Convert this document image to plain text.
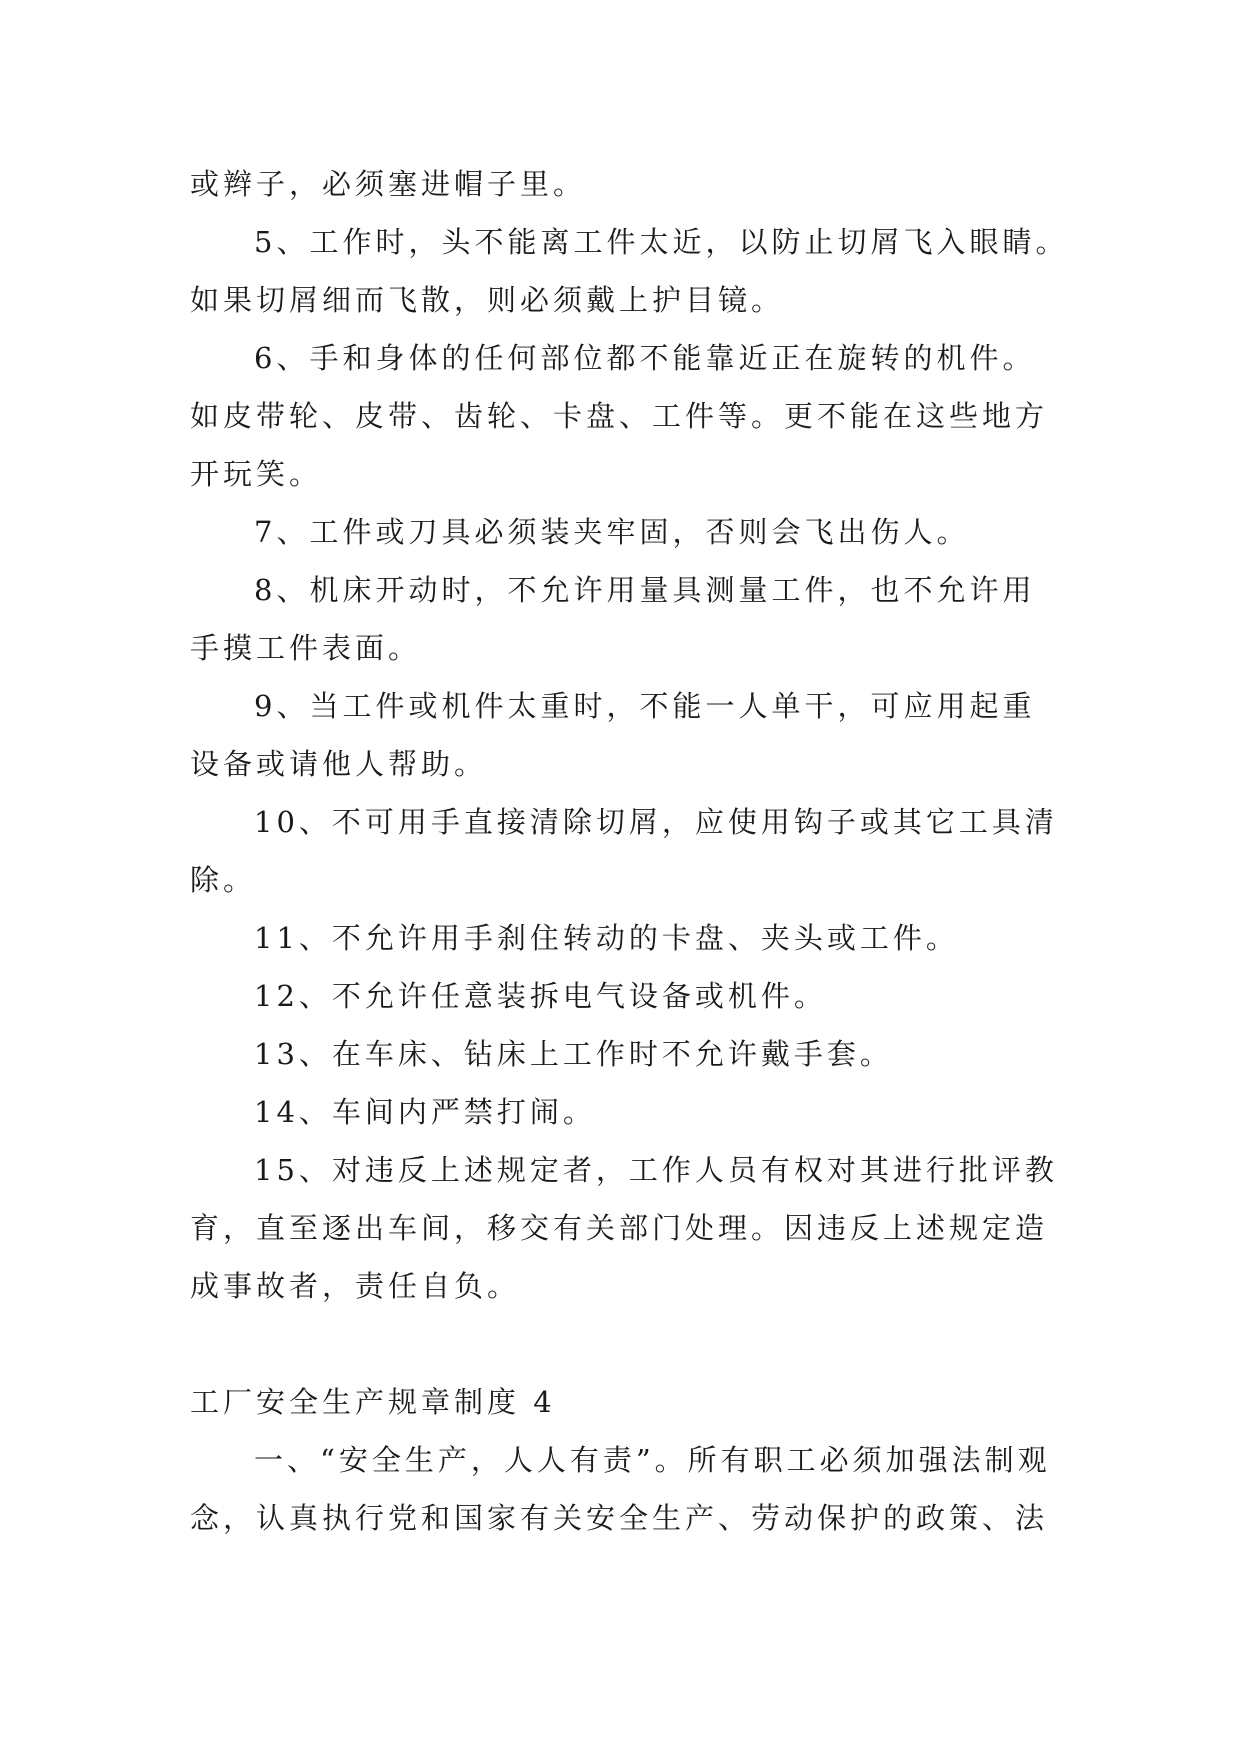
或辫子，必须塞进帽子里。
5、工作时，头不能离工件太近，以防止切屑飞入眼睛。
如果切屑细而飞散，则必须戴上护目镜。
6、手和身体的任何部位都不能靠近正在旋转的机件。
如皮带轮、皮带、齿轮、卡盘、工件等。更不能在这些地方
开玩笑。
7、工件或刀具必须装夹牢固，否则会飞出伤人。
8、机床开动时，不允许用量具测量工件，也不允许用
手摸工件表面。
9、当工件或机件太重时，不能一人单干，可应用起重
设备或请他人帮助。
10、不可用手直接清除切屑，应使用钩子或其它工具清
除。
11、不允许用手刹住转动的卡盘、夹头或工件。
12、不允许任意装拆电气设备或机件。
13、在车床、钻床上工作时不允许戴手套。
14、车间内严禁打闹。
15、对违反上述规定者，工作人员有权对其进行批评教
育，直至逐出车间，移交有关部门处理。因违反上述规定造
成事故者，责任自负。
工厂安全生产规章制度 4
一、“安全生产，人人有责”。所有职工必须加强法制观
念，认真执行党和国家有关安全生产、劳动保护的政策、法
